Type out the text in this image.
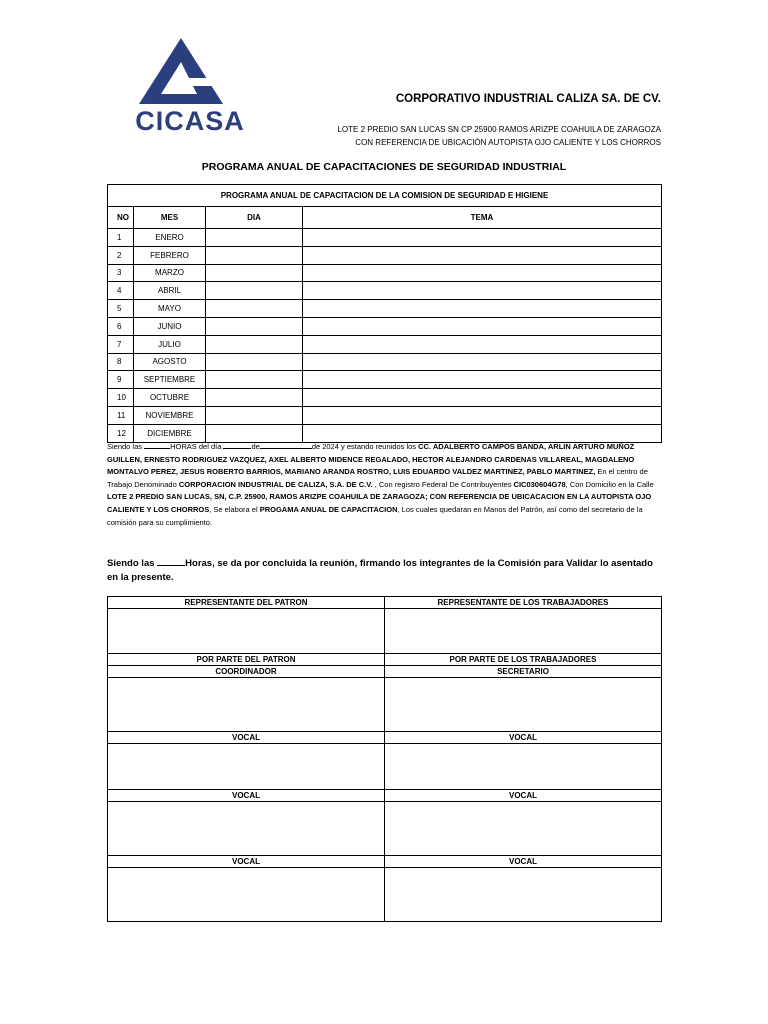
CICASA
CORPORATIVO INDUSTRIAL CALIZA SA. DE CV.
LOTE 2 PREDIO SAN LUCAS SN CP 25900 RAMOS ARIZPE COAHUILA DE ZARAGOZA
CON REFERENCIA DE UBICACIÓN AUTOPISTA OJO CALIENTE Y LOS CHORROS
PROGRAMA ANUAL DE CAPACITACIONES DE SEGURIDAD INDUSTRIAL
PROGRAMA ANUAL DE CAPACITACION DE LA COMISION DE SEGURIDAD E HIGIENE			
NO	MES	DIA	TEMA
1	ENERO		
2	FEBRERO		
3	MARZO		
4	ABRIL		
5	MAYO		
6	JUNIO		
7	JULIO		
8	AGOSTO		
9	SEPTIEMBRE		
10	OCTUBRE		
11	NOVIEMBRE		
12	DICIEMBRE		
Siendo las	HORAS del día	de	de 2024 y estando reunidos los CC. ADALBERTO CAMPOS BANDA, ARLIN ARTURO MUÑOZ GUILLEN, ERNESTO RODRIGUEZ VAZQUEZ, AXEL ALBERTO MIDENCE REGALADO, HECTOR ALEJANDRO CARDENAS VILLAREAL, MAGDALENO MONTALVO PEREZ, JESUS ROBERTO BARRIOS, MARIANO ARANDA ROSTRO, LUIS EDUARDO VALDEZ MARTINEZ, PABLO MARTINEZ, En el centro de Trabajo Denominado CORPORACION INDUSTRIAL DE CALIZA, S.A. DE C.V. , Con registro Federal De Contribuyentes CIC030604G78, Con Domicilio en la Calle LOTE 2 PREDIO SAN LUCAS, SN, C.P. 25900, RAMOS ARIZPE COAHUILA DE ZARAGOZA; CON REFERENCIA DE UBICACACION EN LA AUTOPISTA OJO CALIENTE Y LOS CHORROS, Se elabora el PROGAMA ANUAL DE CAPACITACION, Los cuales quedaran en Manos del Patrón, así como del secretario de la comisión para su cumplimiento.
Siendo las	Horas, se da por concluida la reunión, firmando los integrantes de la Comisión para Validar lo asentado en la presente.
REPRESENTANTE DEL PATRON	REPRESENTANTE DE LOS TRABAJADORES

POR PARTE DEL PATRON	POR PARTE DE LOS TRABAJADORES
COORDINADOR	SECRETARIO

VOCAL	VOCAL

VOCAL	VOCAL

VOCAL	VOCAL
